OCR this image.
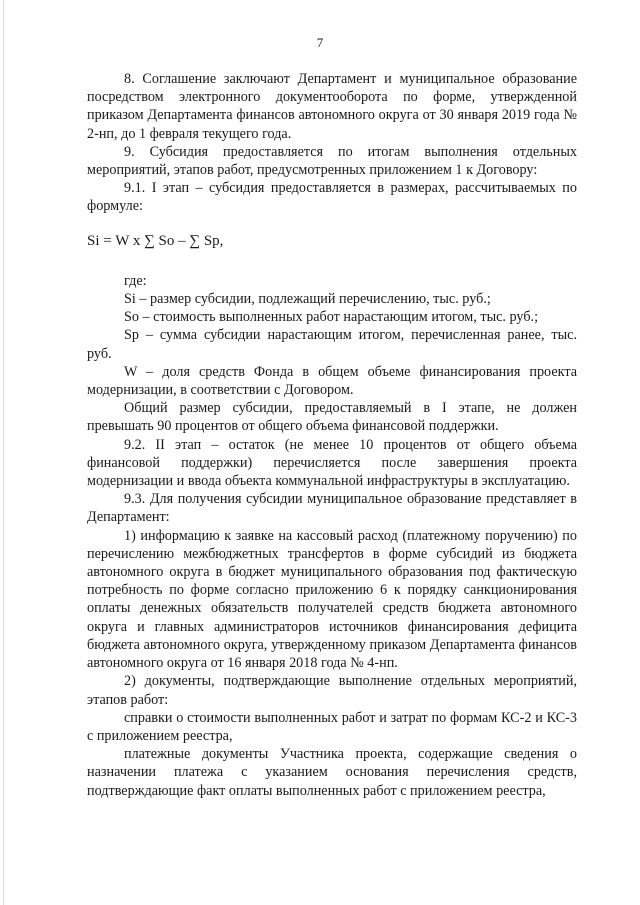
7

8. Соглашение заключают Департамент и муниципальное образование посредством электронного документооборота по форме, утвержденной приказом Департамента финансов автономного округа от 30 января 2019 года № 2-нп, до 1 февраля текущего года.

9. Субсидия предоставляется по итогам выполнения отдельных мероприятий, этапов работ, предусмотренных приложением 1 к Договору:

9.1. I этап – субсидия предоставляется в размерах, рассчитываемых по формуле:

Si = W x ∑ So – ∑ Sp,

где:

Si – размер субсидии, подлежащий перечислению, тыс. руб.;

So – стоимость выполненных работ нарастающим итогом, тыс. руб.;

Sp – сумма субсидии нарастающим итогом, перечисленная ранее, тыс. руб.

W – доля средств Фонда в общем объеме финансирования проекта модернизации, в соответствии с Договором.

Общий размер субсидии, предоставляемый в I этапе, не должен превышать 90 процентов от общего объема финансовой поддержки.

9.2. II этап – остаток (не менее 10 процентов от общего объема финансовой поддержки) перечисляется после завершения проекта модернизации и ввода объекта коммунальной инфраструктуры в эксплуатацию.

9.3. Для получения субсидии муниципальное образование представляет в Департамент:

1) информацию к заявке на кассовый расход (платежному поручению) по перечислению межбюджетных трансфертов в форме субсидий из бюджета автономного округа в бюджет муниципального образования под фактическую потребность по форме согласно приложению 6 к порядку санкционирования оплаты денежных обязательств получателей средств бюджета автономного округа и главных администраторов источников финансирования дефицита бюджета автономного округа, утвержденному приказом Департамента финансов автономного округа от 16 января 2018 года № 4-нп.

2) документы, подтверждающие выполнение отдельных мероприятий, этапов работ:

справки о стоимости выполненных работ и затрат по формам КС-2 и КС-3 с приложением реестра,

платежные документы Участника проекта, содержащие сведения о назначении платежа с указанием основания перечисления средств, подтверждающие факт оплаты выполненных работ с приложением реестра,
